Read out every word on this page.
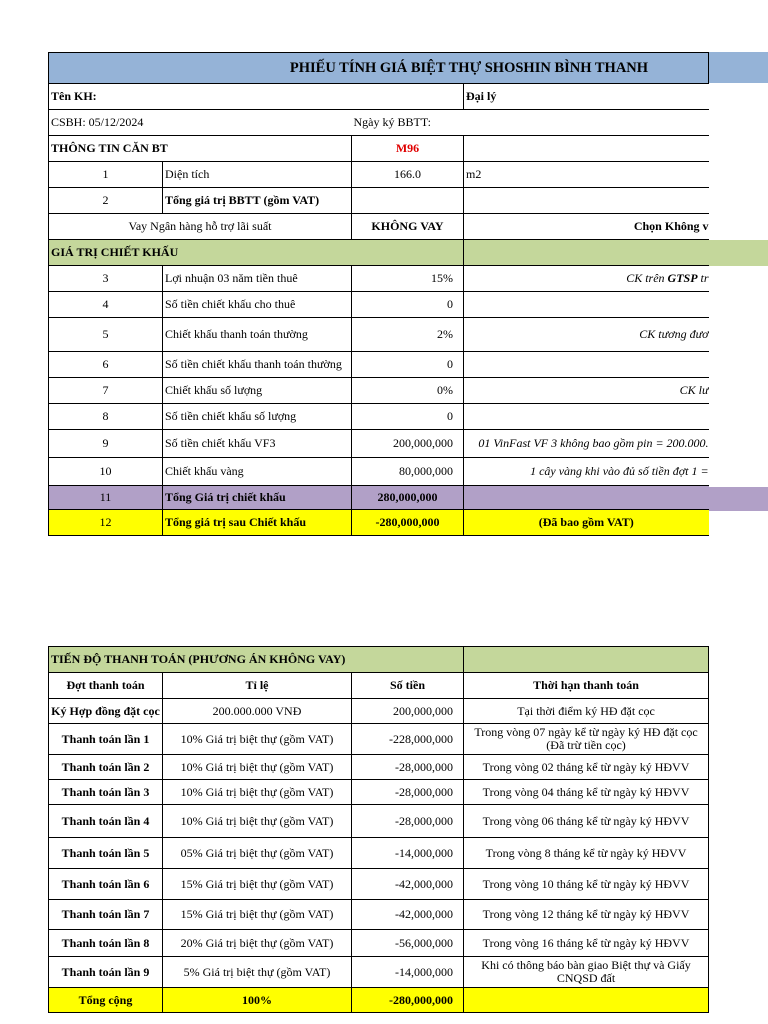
PHIẾU TÍNH GIÁ BIỆT THỰ SHOSHIN BÌNH THANH			
Tên KH:			Đại lý
CSBH: 05/12/2024		Ngày ký BBTT:	
THÔNG TIN CĂN BT		M96	
1	Diện tích	166.0	m2
2	Tổng giá trị BBTT (gồm VAT)		
Vay Ngân hàng hỗ trợ lãi suất		KHÔNG VAY	Chọn Không v
GIÁ TRỊ CHIẾT KHẤU			
3	Lợi nhuận 03 năm tiền thuê	15%	CK trên GTSP tr
4	Số tiền chiết khấu cho thuê	0	
5	Chiết khấu thanh toán thường	2%	CK tương đươ
6	Số tiền chiết khấu thanh toán thường	0	
7	Chiết khấu số lượng	0%	CK lư
8	Số tiền chiết khấu số lượng	0	
9	Số tiền chiết khấu VF3	200,000,000	01 VinFast VF 3 không bao gồm pin = 200.000.
10	Chiết khấu vàng	80,000,000	1 cây vàng khi vào đủ số tiền đợt 1 =
11	Tổng Giá trị chiết khấu	280,000,000	
12	Tổng giá trị sau Chiết khấu	-280,000,000	(Đã bao gồm VAT)
TIẾN ĐỘ THANH TOÁN (PHƯƠNG ÁN KHÔNG VAY)			
Đợt thanh toán	Tỉ lệ	Số tiền	Thời hạn thanh toán
Ký Hợp đồng đặt cọc	200.000.000 VNĐ	200,000,000	Tại thời điểm ký HĐ đặt cọc
Thanh toán lần 1	10% Giá trị biệt thự (gồm VAT)	-228,000,000	Trong vòng 07 ngày kể từ ngày ký HĐ đặt cọc (Đã trừ tiền cọc)
Thanh toán lần 2	10% Giá trị biệt thự (gồm VAT)	-28,000,000	Trong vòng 02 tháng kể từ ngày ký HĐVV
Thanh toán lần 3	10% Giá trị biệt thự (gồm VAT)	-28,000,000	Trong vòng 04 tháng kể từ ngày ký HĐVV
Thanh toán lần 4	10% Giá trị biệt thự (gồm VAT)	-28,000,000	Trong vòng 06 tháng kể từ ngày ký HĐVV
Thanh toán lần 5	05% Giá trị biệt thự (gồm VAT)	-14,000,000	Trong vòng 8 tháng kể từ ngày ký HĐVV
Thanh toán lần 6	15% Giá trị biệt thự (gồm VAT)	-42,000,000	Trong vòng 10 tháng kể từ ngày ký HĐVV
Thanh toán lần 7	15% Giá trị biệt thự (gồm VAT)	-42,000,000	Trong vòng 12 tháng kể từ ngày ký HĐVV
Thanh toán lần 8	20% Giá trị biệt thự (gồm VAT)	-56,000,000	Trong vòng 16 tháng kể từ ngày ký HĐVV
Thanh toán lần 9	5% Giá trị biệt thự (gồm VAT)	-14,000,000	Khi có thông báo bàn giao Biệt thự và Giấy CNQSD đất
Tổng cộng	100%	-280,000,000	
